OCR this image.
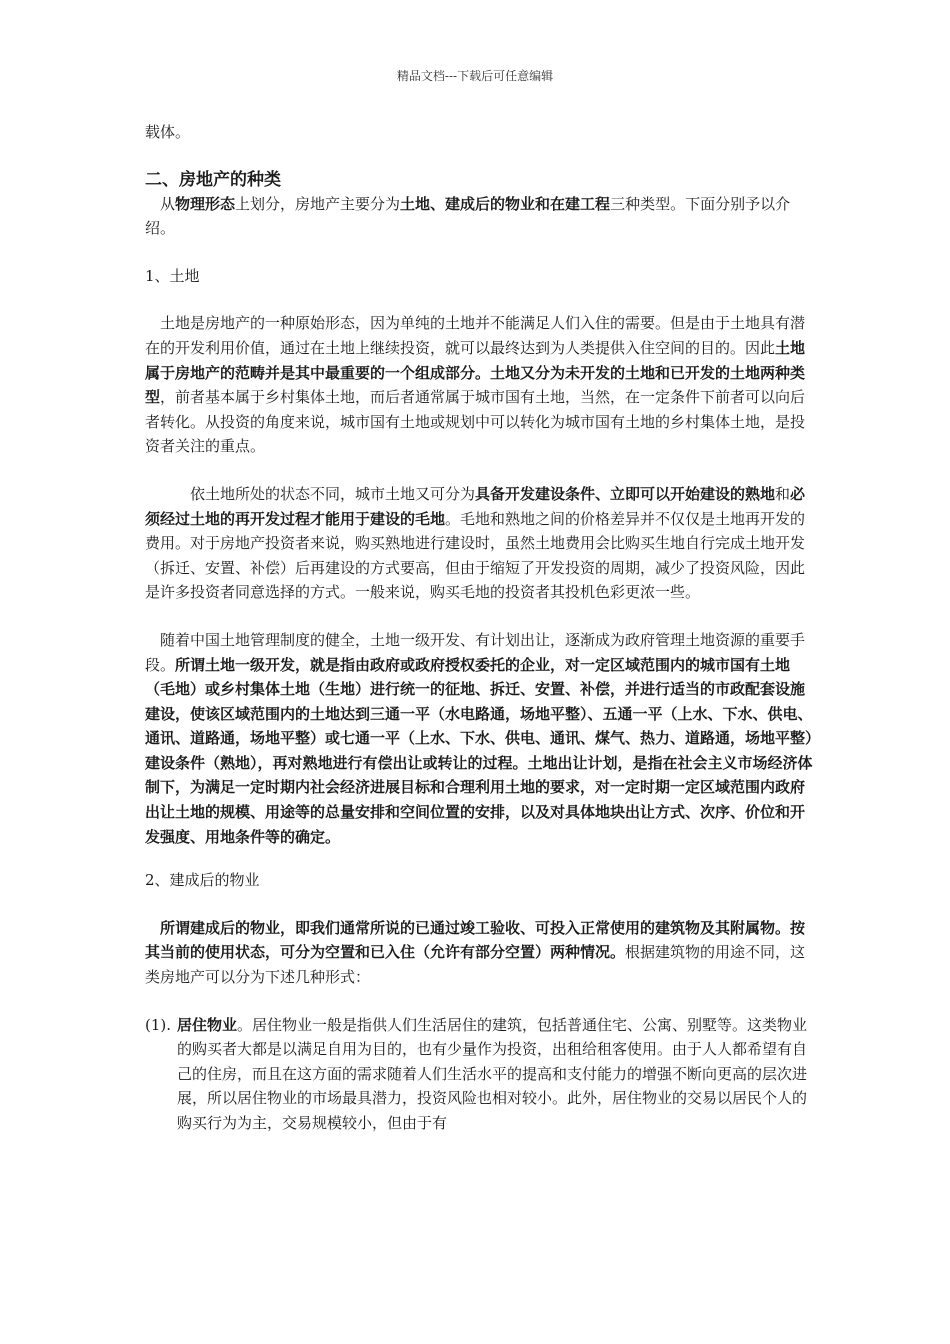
精品文档---下载后可任意编辑

载体。

二、房地产的种类

从物理形态上划分，房地产主要分为土地、建成后的物业和在建工程三种类型。下面分别予以介绍。

1、土地

土地是房地产的一种原始形态，因为单纯的土地并不能满足人们入住的需要。但是由于土地具有潜在的开发利用价值，通过在土地上继续投资，就可以最终达到为人类提供入住空间的目的。因此土地属于房地产的范畴并是其中最重要的一个组成部分。土地又分为未开发的土地和已开发的土地两种类型，前者基本属于乡村集体土地，而后者通常属于城市国有土地，当然，在一定条件下前者可以向后者转化。从投资的角度来说，城市国有土地或规划中可以转化为城市国有土地的乡村集体土地，是投资者关注的重点。

依土地所处的状态不同，城市土地又可分为具备开发建设条件、立即可以开始建设的熟地和必须经过土地的再开发过程才能用于建设的毛地。毛地和熟地之间的价格差异并不仅仅是土地再开发的费用。对于房地产投资者来说，购买熟地进行建设时，虽然土地费用会比购买生地自行完成土地开发（拆迁、安置、补偿）后再建设的方式要高，但由于缩短了开发投资的周期，减少了投资风险，因此是许多投资者同意选择的方式。一般来说，购买毛地的投资者其投机色彩更浓一些。

随着中国土地管理制度的健全，土地一级开发、有计划出让，逐渐成为政府管理土地资源的重要手段。所谓土地一级开发，就是指由政府或政府授权委托的企业，对一定区域范围内的城市国有土地（毛地）或乡村集体土地（生地）进行统一的征地、拆迁、安置、补偿，并进行适当的市政配套设施建设，使该区域范围内的土地达到三通一平（水电路通，场地平整）、五通一平（上水、下水、供电、通讯、道路通，场地平整）或七通一平（上水、下水、供电、通讯、煤气、热力、道路通，场地平整）建设条件（熟地），再对熟地进行有偿出让或转让的过程。土地出让计划，是指在社会主义市场经济体制下，为满足一定时期内社会经济进展目标和合理利用土地的要求，对一定时期一定区域范围内政府出让土地的规模、用途等的总量安排和空间位置的安排，以及对具体地块出让方式、次序、价位和开发强度、用地条件等的确定。

2、建成后的物业

所谓建成后的物业，即我们通常所说的已通过竣工验收、可投入正常使用的建筑物及其附属物。按其当前的使用状态，可分为空置和已入住（允许有部分空置）两种情况。根据建筑物的用途不同，这类房地产可以分为下述几种形式：

(1). 居住物业。居住物业一般是指供人们生活居住的建筑，包括普通住宅、公寓、别墅等。这类物业的购买者大都是以满足自用为目的，也有少量作为投资，出租给租客使用。由于人人都希望有自己的住房，而且在这方面的需求随着人们生活水平的提高和支付能力的增强不断向更高的层次进展，所以居住物业的市场最具潜力，投资风险也相对较小。此外，居住物业的交易以居民个人的购买行为为主，交易规模较小，但由于有
